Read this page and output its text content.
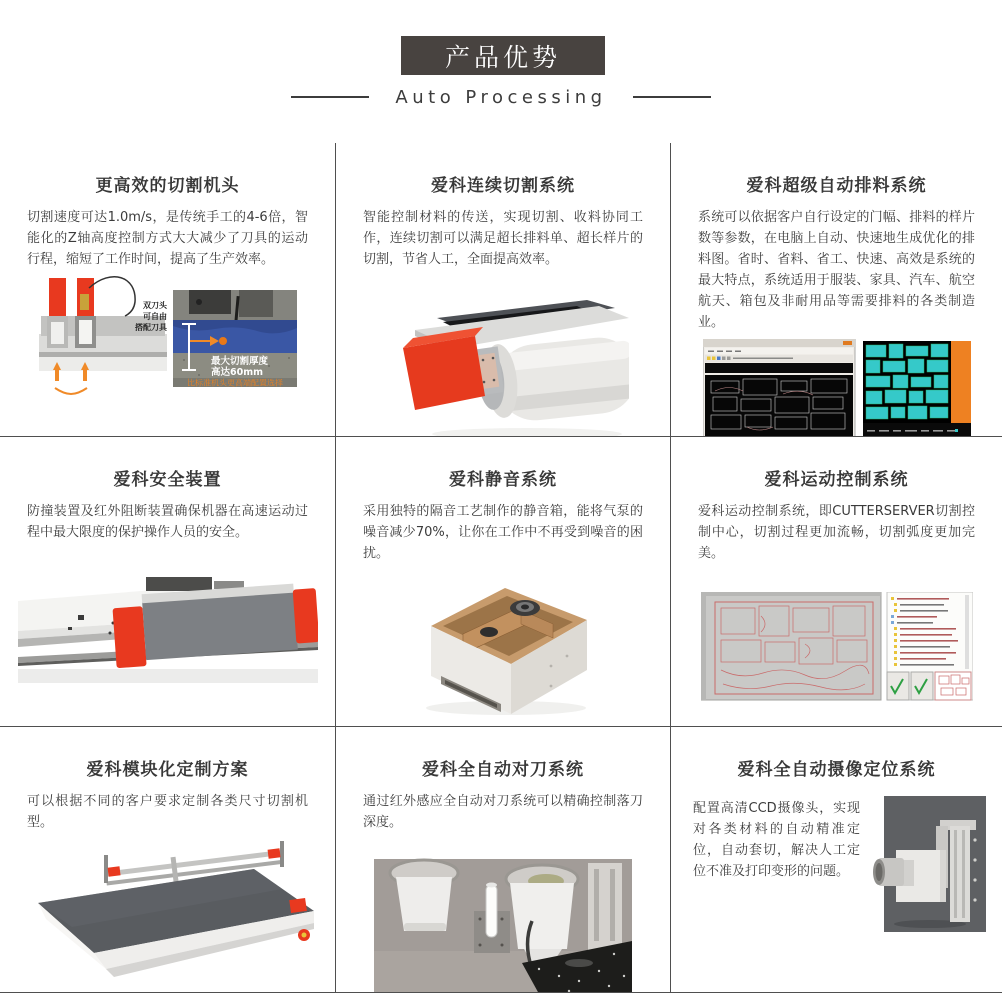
产品优势
Auto Processing
更高效的切割机头
切割速度可达1.0m/s，是传统手工的4-6倍，智能化的Z轴高度控制方式大大减少了刀具的运动行程，缩短了工作时间，提高了生产效率。
双刀头
可自由
搭配刀具
最大切割厚度
高达60mm
比标准机头更高端配置选择
爱科连续切割系统
智能控制材料的传送，实现切割、收料协同工作，连续切割可以满足超长排料单、超长样片的切割，节省人工，全面提高效率。
爱科超级自动排料系统
系统可以依据客户自行设定的门幅、排料的样片数等参数，在电脑上自动、快速地生成优化的排料图。省时、省料、省工、快速、高效是系统的最大特点，系统适用于服装、家具、汽车、航空航天、箱包及非耐用品等需要排料的各类制造业。
爱科安全装置
防撞装置及红外阻断装置确保机器在高速运动过程中最大限度的保护操作人员的安全。
爱科静音系统
采用独特的隔音工艺制作的静音箱，能将气泵的噪音减少70%，让你在工作中不再受到噪音的困扰。
爱科运动控制系统
爱科运动控制系统，即CUTTERSERVER切割控制中心，切割过程更加流畅，切割弧度更加完美。
爱科模块化定制方案
可以根据不同的客户要求定制各类尺寸切割机型。
爱科全自动对刀系统
通过红外感应全自动对刀系统可以精确控制落刀深度。
爱科全自动摄像定位系统
配置高清CCD摄像头，实现对各类材料的自动精准定位，自动套切，解决人工定位不准及打印变形的问题。
